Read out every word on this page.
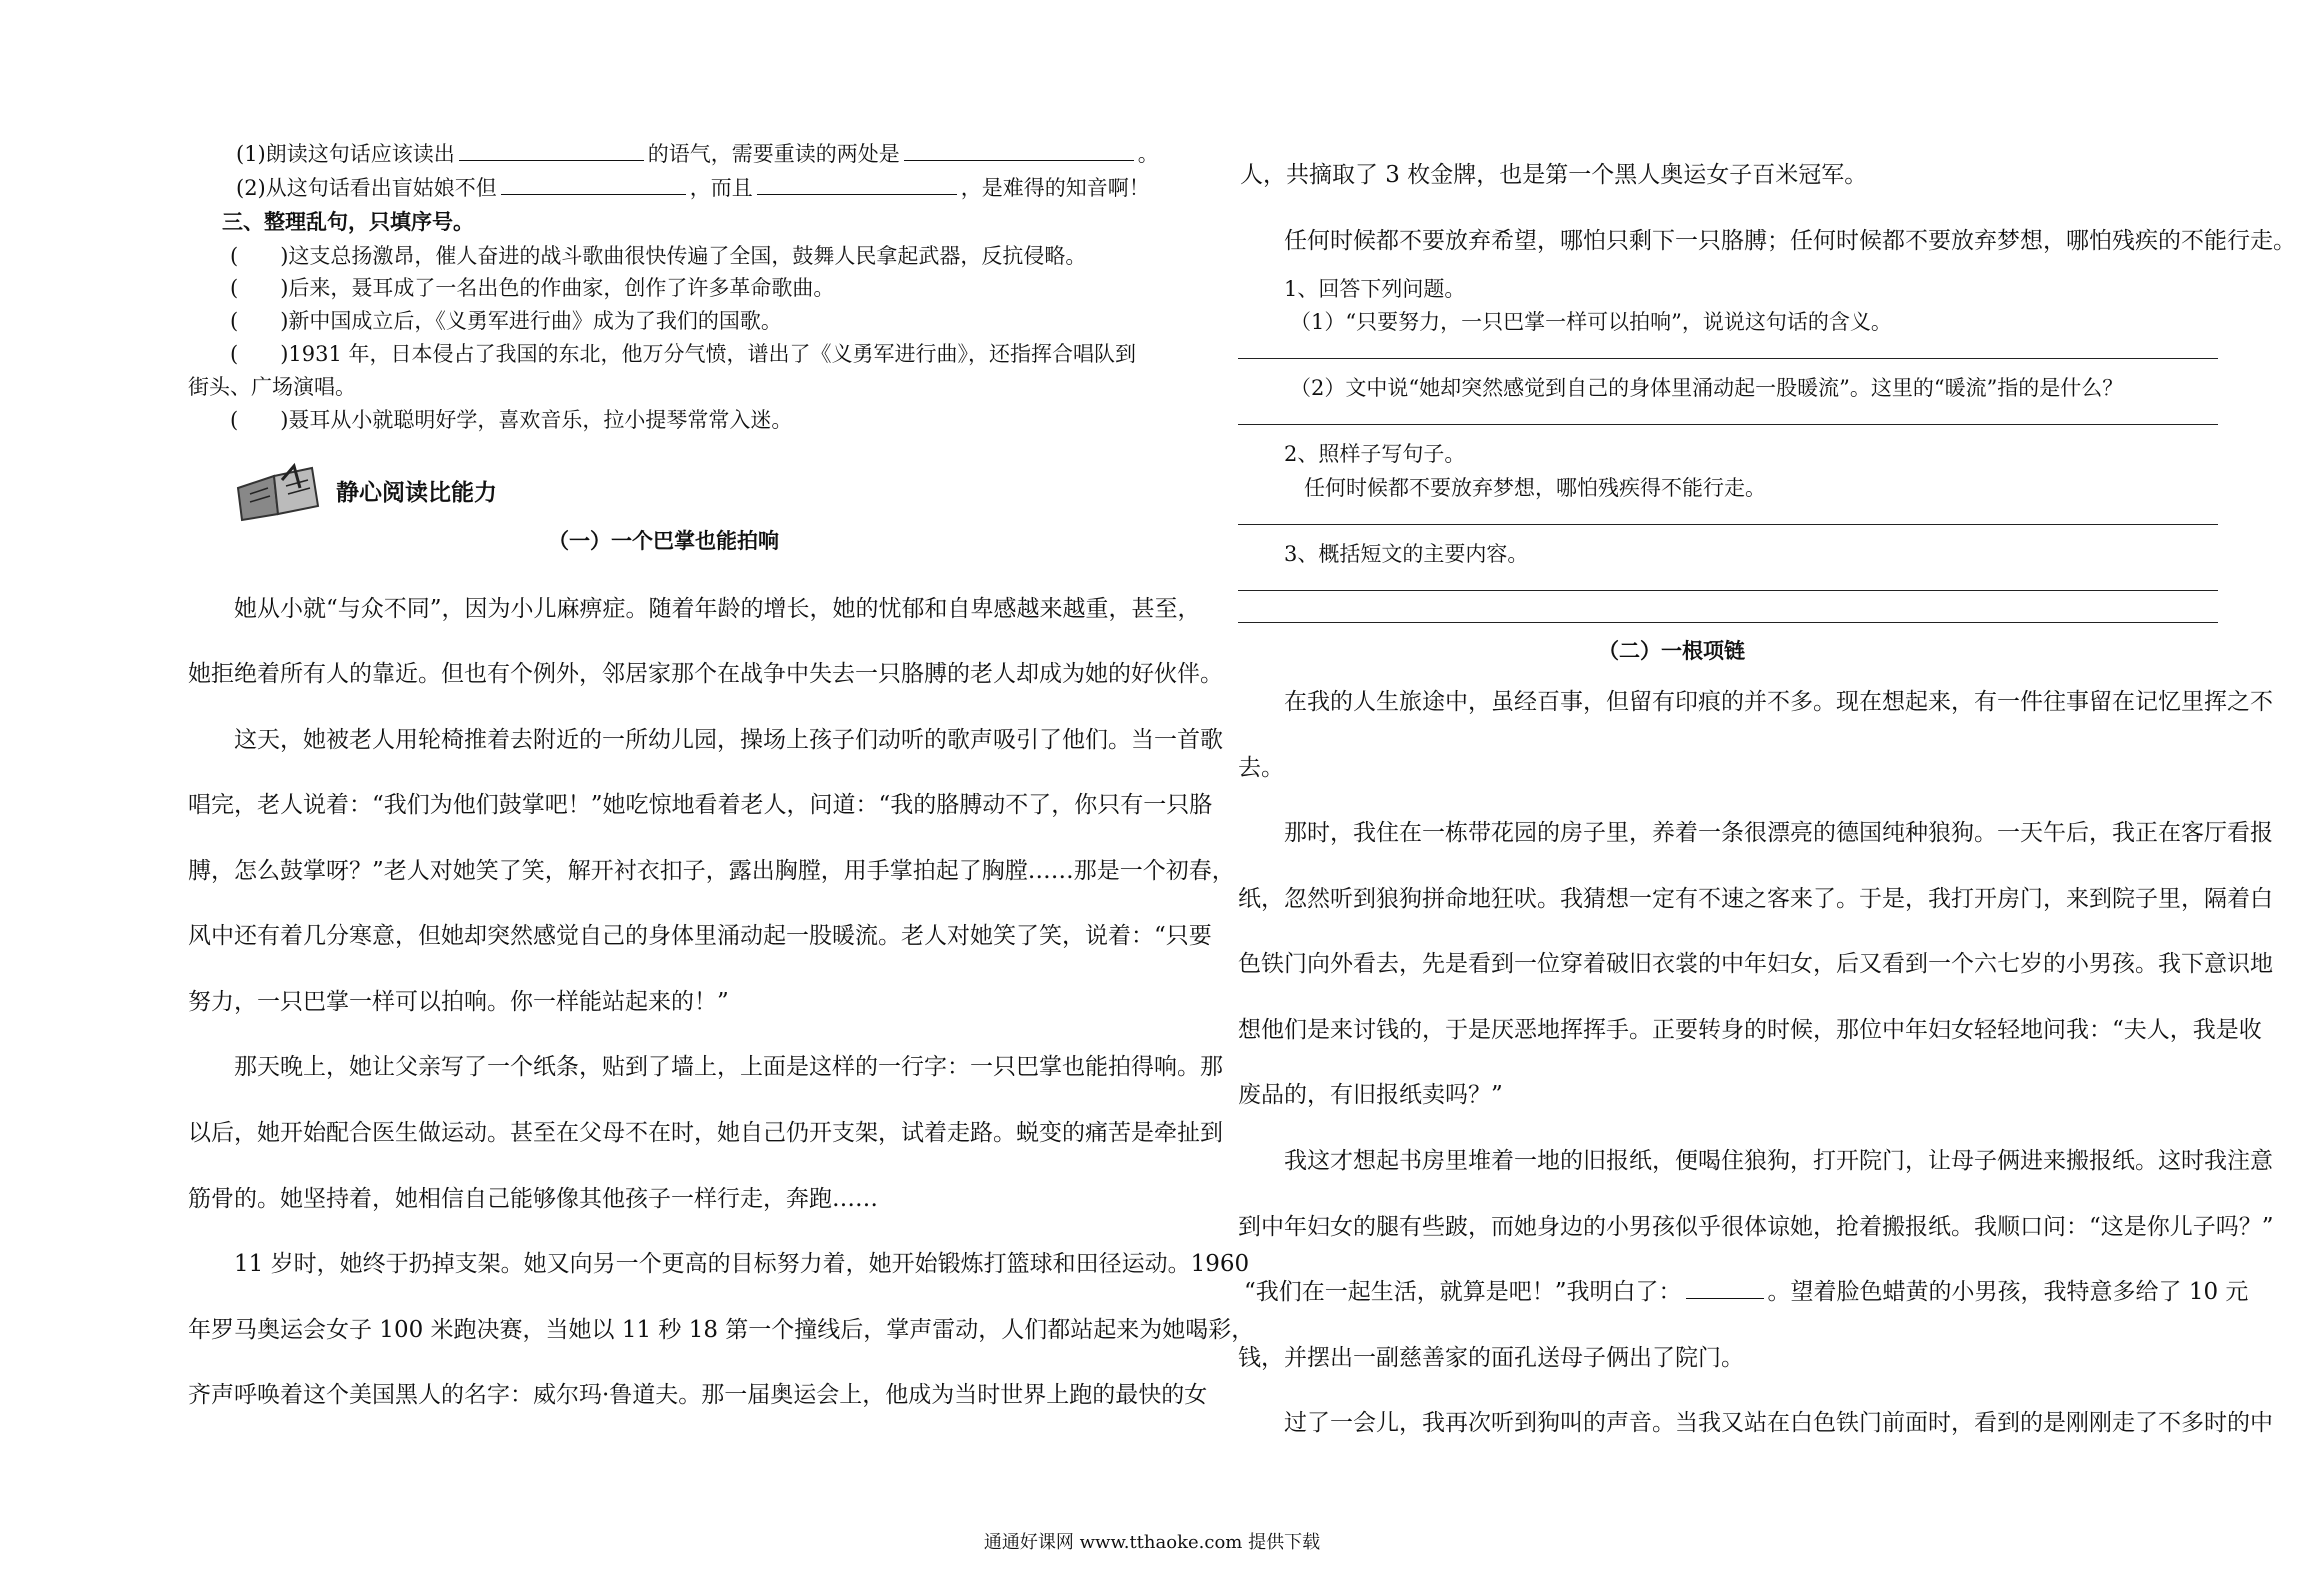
(1)朗读这句话应该读出	的语气，需要重读的两处是	。
(2)从这句话看出盲姑娘不但	，而且	，是难得的知音啊！
三、整理乱句，只填序号。
(　　)这支总扬激昂，催人奋进的战斗歌曲很快传遍了全国，鼓舞人民拿起武器，反抗侵略。
(　　)后来，聂耳成了一名出色的作曲家，创作了许多革命歌曲。
(　　)新中国成立后，《义勇军进行曲》成为了我们的国歌。
(　　)1931 年，日本侵占了我国的东北，他万分气愤，谱出了《义勇军进行曲》，还指挥合唱队到
街头、广场演唱。
(　　)聂耳从小就聪明好学，喜欢音乐，拉小提琴常常入迷。
静心阅读比能力
（一）一个巴掌也能拍响
她从小就“与众不同”，因为小儿麻痹症。随着年龄的增长，她的忧郁和自卑感越来越重，甚至，
她拒绝着所有人的靠近。但也有个例外，邻居家那个在战争中失去一只胳膊的老人却成为她的好伙伴。
这天，她被老人用轮椅推着去附近的一所幼儿园，操场上孩子们动听的歌声吸引了他们。当一首歌
唱完，老人说着：“我们为他们鼓掌吧！”她吃惊地看着老人，问道：“我的胳膊动不了，你只有一只胳
膊，怎么鼓掌呀？”老人对她笑了笑，解开衬衣扣子，露出胸膛，用手掌拍起了胸膛……那是一个初春，
风中还有着几分寒意，但她却突然感觉自己的身体里涌动起一股暖流。老人对她笑了笑，说着：“只要
努力，一只巴掌一样可以拍响。你一样能站起来的！”
那天晚上，她让父亲写了一个纸条，贴到了墙上，上面是这样的一行字：一只巴掌也能拍得响。那
以后，她开始配合医生做运动。甚至在父母不在时，她自己仍开支架，试着走路。蜕变的痛苦是牵扯到
筋骨的。她坚持着，她相信自己能够像其他孩子一样行走，奔跑……
11 岁时，她终于扔掉支架。她又向另一个更高的目标努力着，她开始锻炼打篮球和田径运动。1960
年罗马奥运会女子 100 米跑决赛，当她以 11 秒 18 第一个撞线后，掌声雷动，人们都站起来为她喝彩，
齐声呼唤着这个美国黑人的名字：威尔玛·鲁道夫。那一届奥运会上，他成为当时世界上跑的最快的女
人，共摘取了 3 枚金牌，也是第一个黑人奥运女子百米冠军。
任何时候都不要放弃希望，哪怕只剩下一只胳膊；任何时候都不要放弃梦想，哪怕残疾的不能行走。
1、回答下列问题。
（1）“只要努力，一只巴掌一样可以拍响”，说说这句话的含义。
（2）文中说“她却突然感觉到自己的身体里涌动起一股暖流”。这里的“暖流”指的是什么？
2、照样子写句子。
任何时候都不要放弃梦想，哪怕残疾得不能行走。
3、概括短文的主要内容。
（二）一根项链
在我的人生旅途中，虽经百事，但留有印痕的并不多。现在想起来，有一件往事留在记忆里挥之不
去。
那时，我住在一栋带花园的房子里，养着一条很漂亮的德国纯种狼狗。一天午后，我正在客厅看报
纸，忽然听到狼狗拼命地狂吠。我猜想一定有不速之客来了。于是，我打开房门，来到院子里，隔着白
色铁门向外看去，先是看到一位穿着破旧衣裳的中年妇女，后又看到一个六七岁的小男孩。我下意识地
想他们是来讨钱的，于是厌恶地挥挥手。正要转身的时候，那位中年妇女轻轻地问我：“夫人，我是收
废品的，有旧报纸卖吗？”
我这才想起书房里堆着一地的旧报纸，便喝住狼狗，打开院门，让母子俩进来搬报纸。这时我注意
到中年妇女的腿有些跛，而她身边的小男孩似乎很体谅她，抢着搬报纸。我顺口问：“这是你儿子吗？”
“我们在一起生活，就算是吧！”我明白了：	。望着脸色蜡黄的小男孩，我特意多给了 10 元
钱，并摆出一副慈善家的面孔送母子俩出了院门。
过了一会儿，我再次听到狗叫的声音。当我又站在白色铁门前面时，看到的是刚刚走了不多时的中
通通好课网 www.tthaoke.com 提供下载
